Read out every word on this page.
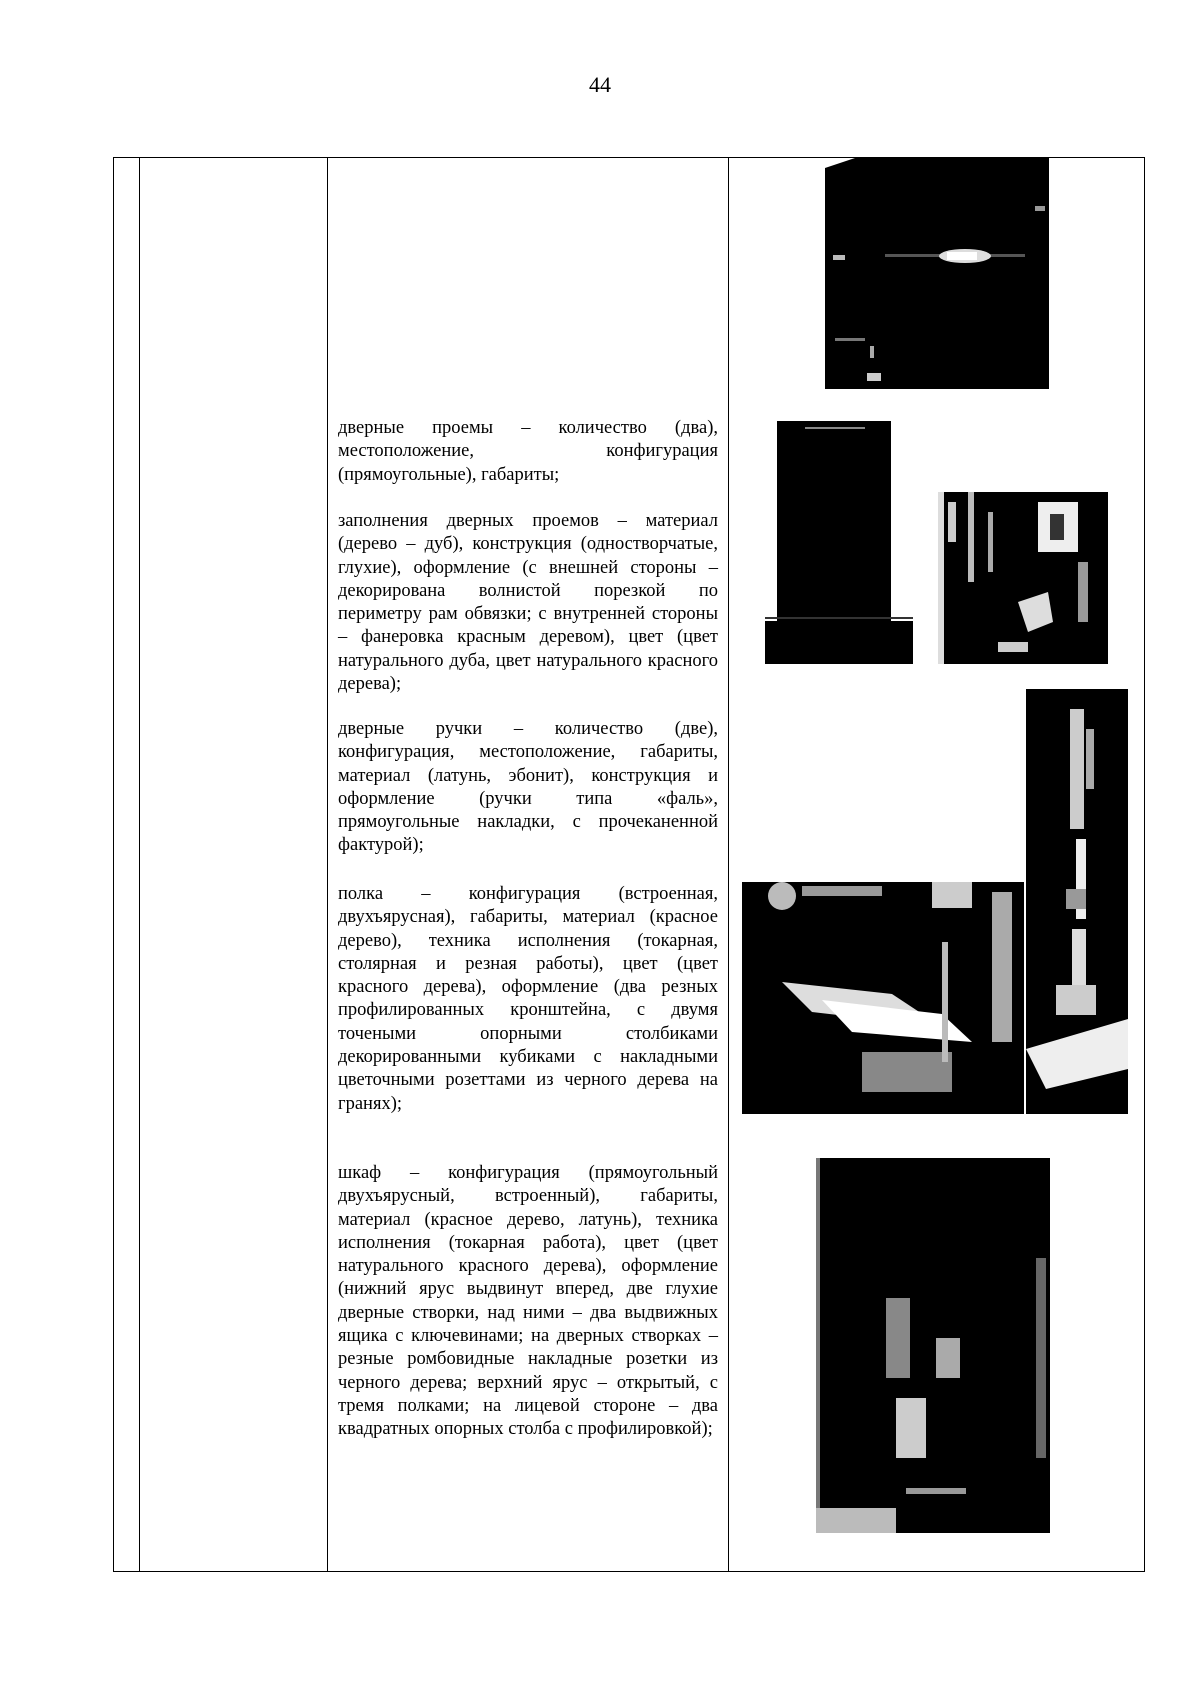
44
дверные проемы – количество (два), местоположение, конфигурация (прямоугольные), габариты;
заполнения дверных проемов – материал (дерево – дуб), конструкция (одностворчатые, глухие), оформление (с внешней стороны – декорирована волнистой порезкой по периметру рам обвязки; с внутренней стороны – фанеровка красным деревом), цвет (цвет натурального дуба, цвет натурального красного дерева);
дверные ручки – количество (две), конфигурация, местоположение, габариты, материал (латунь, эбонит), конструкция и оформление (ручки типа «фаль», прямоугольные накладки, с прочеканенной фактурой);
полка – конфигурация (встроенная, двухъярусная), габариты, материал (красное дерево), техника исполнения (токарная, столярная и резная работы), цвет (цвет красного дерева), оформление (два резных профилированных кронштейна, с двумя точеными опорными столбиками декорированными кубиками с накладными цветочными розеттами из черного дерева на гранях);
шкаф – конфигурация (прямоугольный двухъярусный, встроенный), габариты, материал (красное дерево, латунь), техника исполнения (токарная работа), цвет (цвет натурального красного дерева), оформление (нижний ярус выдвинут вперед, две глухие дверные створки, над ними – два выдвижных ящика с ключевинами; на дверных створках – резные ромбовидные накладные розетки из черного дерева; верхний ярус – открытый, с тремя полками; на лицевой стороне – два квадратных опорных столба с профилировкой);
